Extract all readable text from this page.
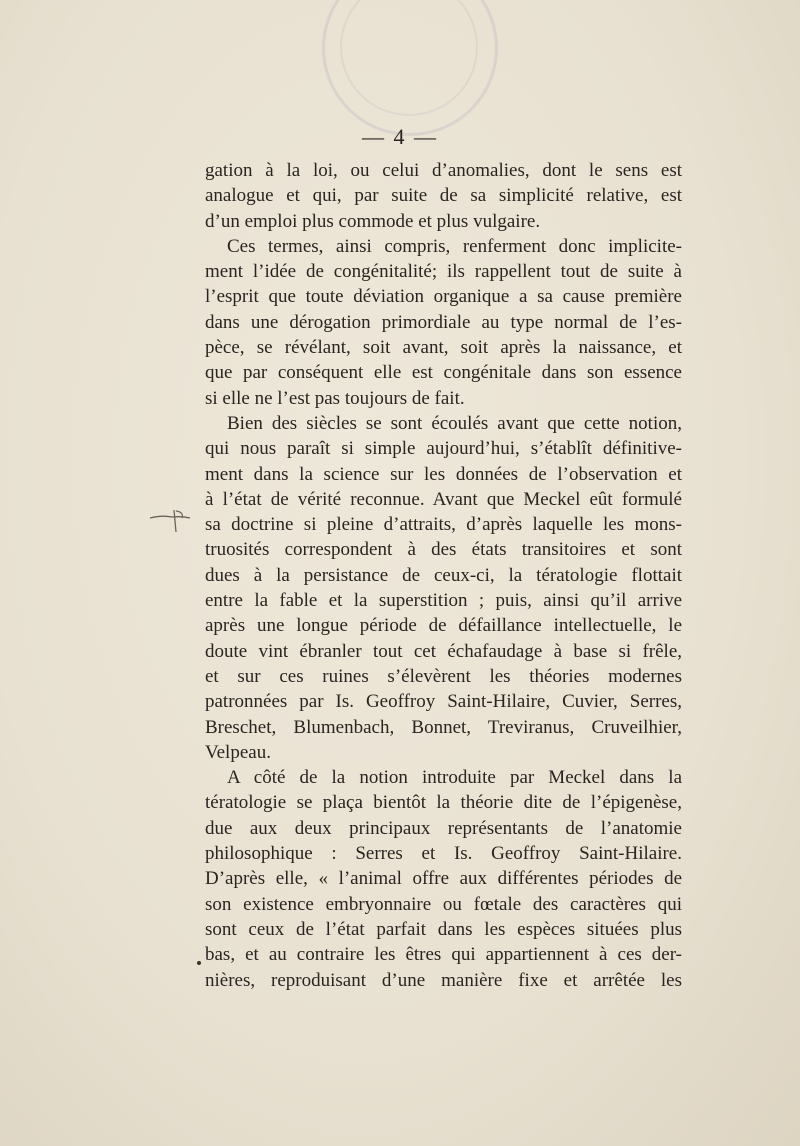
— 4 —
gation à la loi, ou celui d’anomalies, dont le sens est
analogue et qui, par suite de sa simplicité relative, est
d’un emploi plus commode et plus vulgaire.
Ces termes, ainsi compris, renferment donc implicite-
ment l’idée de congénitalité; ils rappellent tout de suite à
l’esprit que toute déviation organique a sa cause première
dans une dérogation primordiale au type normal de l’es-
pèce, se révélant, soit avant, soit après la naissance, et
que par conséquent elle est congénitale dans son essence
si elle ne l’est pas toujours de fait.
Bien des siècles se sont écoulés avant que cette notion,
qui nous paraît si simple aujourd’hui, s’établît définitive-
ment dans la science sur les données de l’observation et
à l’état de vérité reconnue. Avant que Meckel eût formulé
sa doctrine si pleine d’attraits, d’après laquelle les mons-
truosités correspondent à des états transitoires et sont
dues à la persistance de ceux-ci, la tératologie flottait
entre la fable et la superstition ; puis, ainsi qu’il arrive
après une longue période de défaillance intellectuelle, le
doute vint ébranler tout cet échafaudage à base si frêle,
et sur ces ruines s’élevèrent les théories modernes
patronnées par Is. Geoffroy Saint-Hilaire, Cuvier, Serres,
Breschet, Blumenbach, Bonnet, Treviranus, Cruveilhier,
Velpeau.
A côté de la notion introduite par Meckel dans la
tératologie se plaça bientôt la théorie dite de l’épigenèse,
due aux deux principaux représentants de l’anatomie
philosophique : Serres et Is. Geoffroy Saint-Hilaire.
D’après elle, « l’animal offre aux différentes périodes de
son existence embryonnaire ou fœtale des caractères qui
sont ceux de l’état parfait dans les espèces situées plus
bas, et au contraire les êtres qui appartiennent à ces der-
nières, reproduisant d’une manière fixe et arrêtée les
